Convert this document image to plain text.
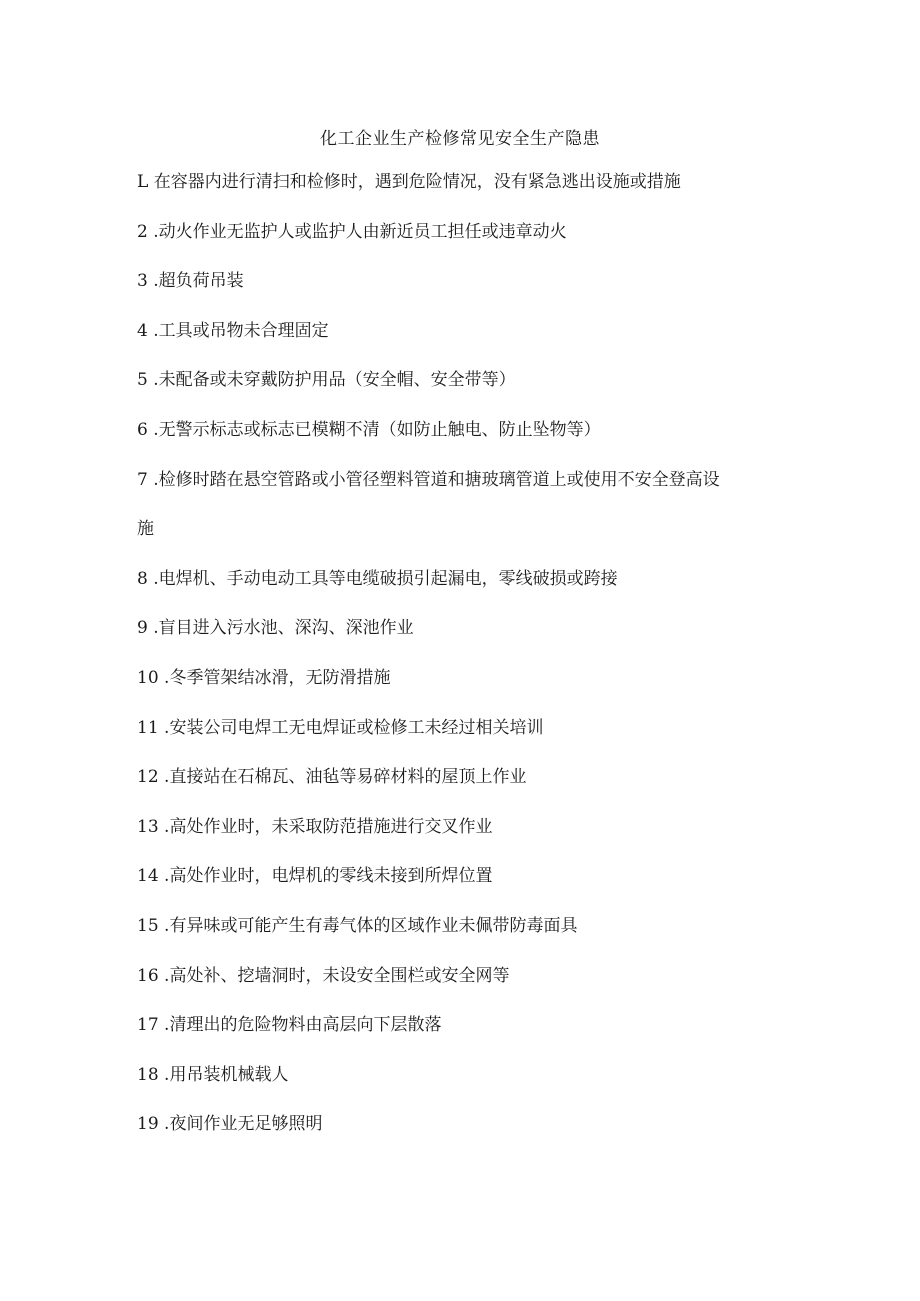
化工企业生产检修常见安全生产隐患
L 在容器内进行清扫和检修时，遇到危险情况，没有紧急逃出设施或措施
2 .动火作业无监护人或监护人由新近员工担任或违章动火
3 .超负荷吊装
4 .工具或吊物未合理固定
5 .未配备或未穿戴防护用品（安全帽、安全带等）
6 .无警示标志或标志已模糊不清（如防止触电、防止坠物等）
7 .检修时踏在悬空管路或小管径塑料管道和搪玻璃管道上或使用不安全登高设
施
8 .电焊机、手动电动工具等电缆破损引起漏电，零线破损或跨接
9 .盲目进入污水池、深沟、深池作业
10 .冬季管架结冰滑，无防滑措施
11 .安装公司电焊工无电焊证或检修工未经过相关培训
12 .直接站在石棉瓦、油毡等易碎材料的屋顶上作业
13 .高处作业时，未采取防范措施进行交叉作业
14 .高处作业时，电焊机的零线未接到所焊位置
15 .有异味或可能产生有毒气体的区域作业未佩带防毒面具
16 .高处补、挖墙洞时，未设安全围栏或安全网等
17 .清理出的危险物料由高层向下层散落
18 .用吊装机械载人
19 .夜间作业无足够照明
